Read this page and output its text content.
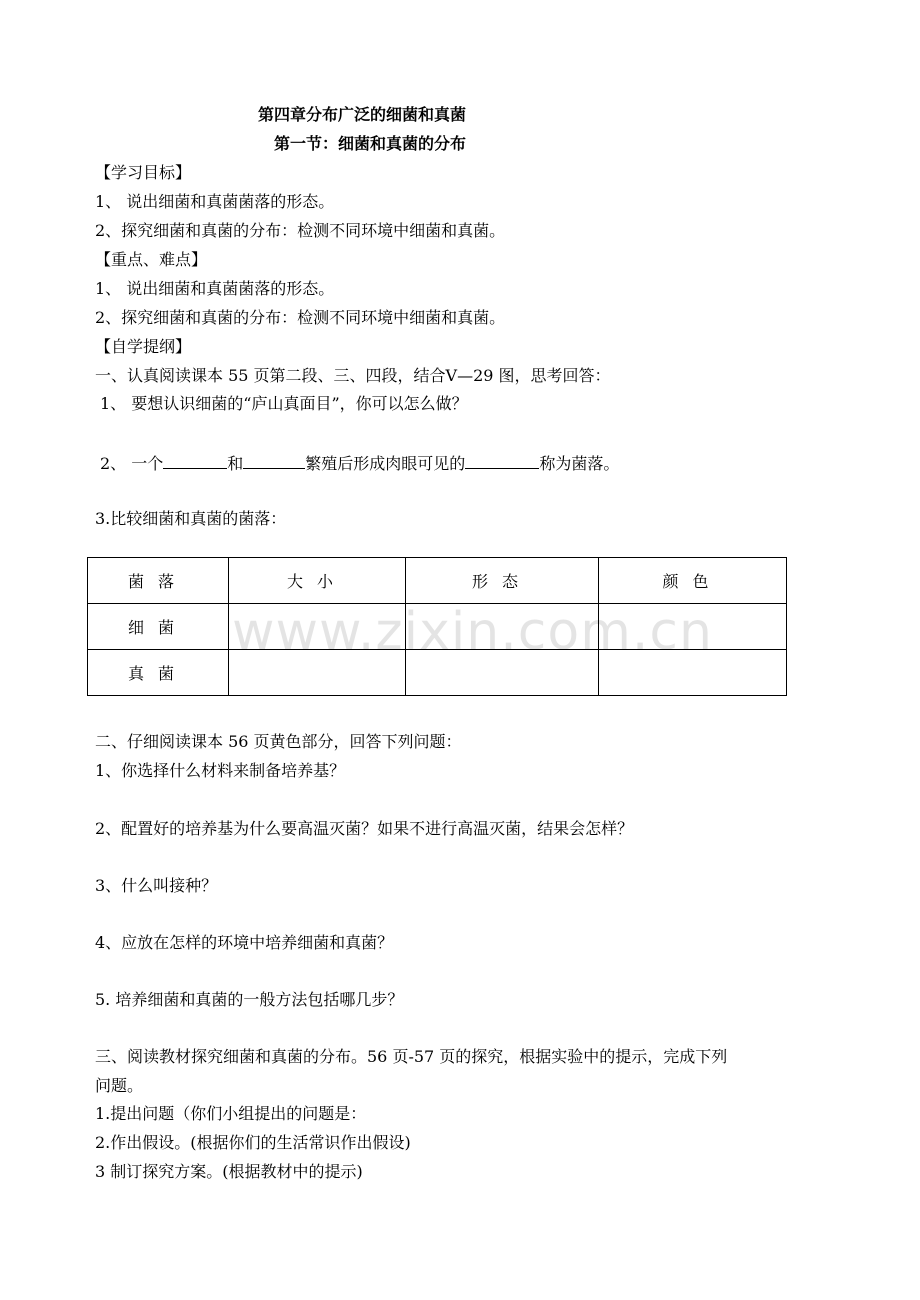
第四章分布广泛的细菌和真菌
第一节：细菌和真菌的分布
【学习目标】
1、 说出细菌和真菌菌落的形态。
2、探究细菌和真菌的分布：检测不同环境中细菌和真菌。
【重点、难点】
1、 说出细菌和真菌菌落的形态。
2、探究细菌和真菌的分布：检测不同环境中细菌和真菌。
【自学提纲】
一、认真阅读课本 55 页第二段、三、四段，结合Ⅴ—29 图，思考回答：
1、 要想认识细菌的“庐山真面目”，你可以怎么做？
2、 一个	和	繁殖后形成肉眼可见的	称为菌落。
3.比较细菌和真菌的菌落：
菌落	大小	形态	颜色
细菌			
真菌			
www.zixin.com.cn
二、仔细阅读课本 56 页黄色部分，回答下列问题：
1、你选择什么材料来制备培养基？
2、配置好的培养基为什么要高温灭菌？如果不进行高温灭菌，结果会怎样？
3、什么叫接种？
4、应放在怎样的环境中培养细菌和真菌？
5. 培养细菌和真菌的一般方法包括哪几步？
三、阅读教材探究细菌和真菌的分布。56 页-57 页的探究，根据实验中的提示，完成下列
问题。
1.提出问题（你们小组提出的问题是：
2.作出假设。(根据你们的生活常识作出假设)
3 制订探究方案。(根据教材中的提示)
